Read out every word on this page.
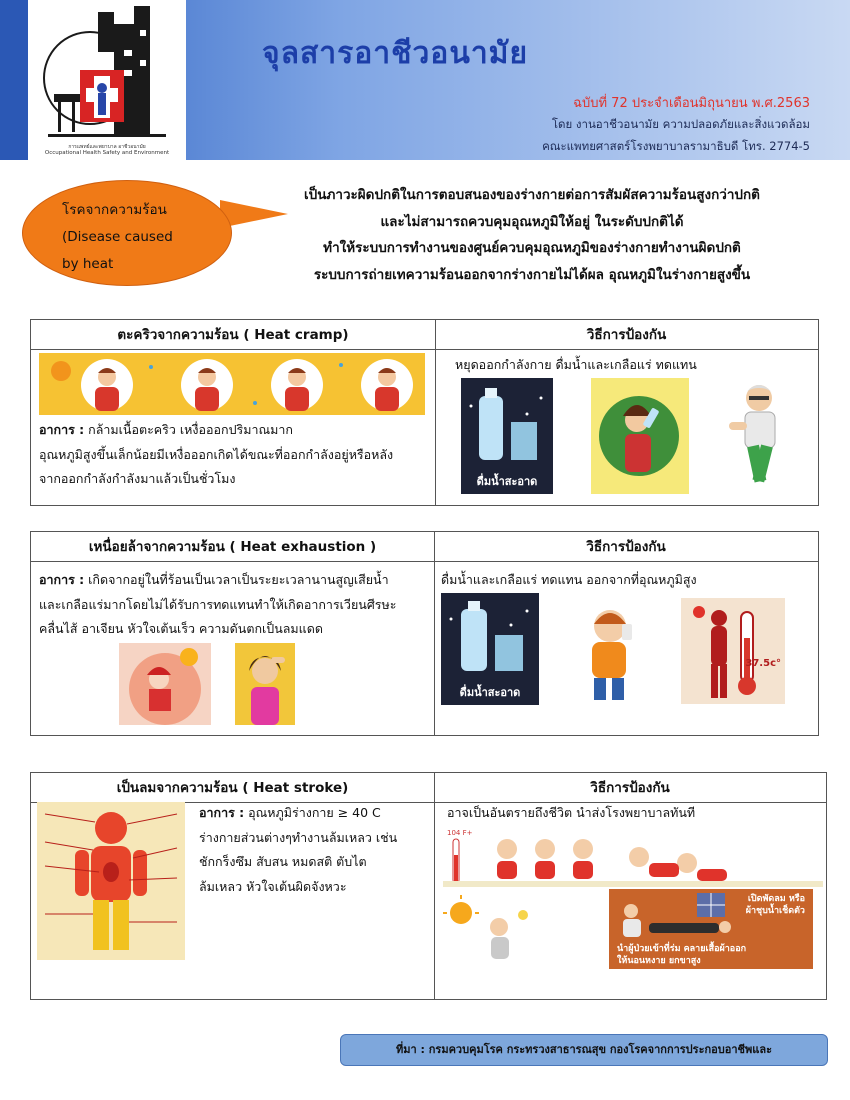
การแพทย์และพยาบาล อาชีวอนามัย
Occupational Health Safety and Environment
จุลสารอาชีวอนามัย
ฉบับที่ 72 ประจำเดือนมิถุนายน พ.ศ.2563
โดย งานอาชีวอนามัย ความปลอดภัยและสิ่งแวดล้อม
คณะแพทยศาสตร์โรงพยาบาลรามาธิบดี โทร. 2774-5
โรคจากความร้อน
(Disease caused
by heat
เป็นภาวะผิดปกติในการตอบสนองของร่างกายต่อการสัมผัสความร้อนสูงกว่าปกติ
และไม่สามารถควบคุมอุณหภูมิให้อยู่ ในระดับปกติได้
ทำให้ระบบการทำงานของศูนย์ควบคุมอุณหภูมิของร่างกายทำงานผิดปกติ
ระบบการถ่ายเทความร้อนออกจากร่างกายไม่ได้ผล อุณหภูมิในร่างกายสูงขึ้น
ตะคริวจากความร้อน ( Heat cramp)	วิธีการป้องกัน
อาการ : กล้ามเนื้อตะคริว เหงื่อออกปริมาณมาก
อุณหภูมิสูงขึ้นเล็กน้อยมีเหงื่อออกเกิดได้ขณะที่ออกกำลังอยู่หรือหลัง
จากออกกำลังกำลังมาแล้วเป็นชั่วโมง
หยุดออกกำลังกาย ดื่มน้ำและเกลือแร่ ทดแทน
ดื่มน้ำสะอาด
เหนื่อยล้าจากความร้อน ( Heat exhaustion )	วิธีการป้องกัน
อาการ : เกิดจากอยู่ในที่ร้อนเป็นเวลาเป็นระยะเวลานานสูญเสียน้ำ
และเกลือแร่มากโดยไม่ได้รับการทดแทนทำให้เกิดอาการเวียนศีรษะ
คลื่นไส้ อาเจียน หัวใจเต้นเร็ว ความดันตกเป็นลมแดด
ดื่มน้ำและเกลือแร่ ทดแทน ออกจากที่อุณหภูมิสูง
ดื่มน้ำสะอาด
37.5c°
เป็นลมจากความร้อน ( Heat stroke)	วิธีการป้องกัน
อาการ : อุณหภูมิร่างกาย ≥ 40 C
ร่างกายส่วนต่างๆทำงานล้มเหลว เช่น
ชักกร็งซึม สับสน หมดสติ ตับไต
ล้มเหลว หัวใจเต้นผิดจังหวะ
อาจเป็นอันตรายถึงชีวิต นำส่งโรงพยาบาลทันที
104 F+
เปิดพัดลม หรือ
ผ้าชุบน้ำเช็ดตัว
นำผู้ป่วยเข้าที่ร่ม คลายเสื้อผ้าออก
ให้นอนหงาย ยกขาสูง
ที่มา : กรมควบคุมโรค กระทรวงสาธารณสุข กองโรคจากการประกอบอาชีพและ
